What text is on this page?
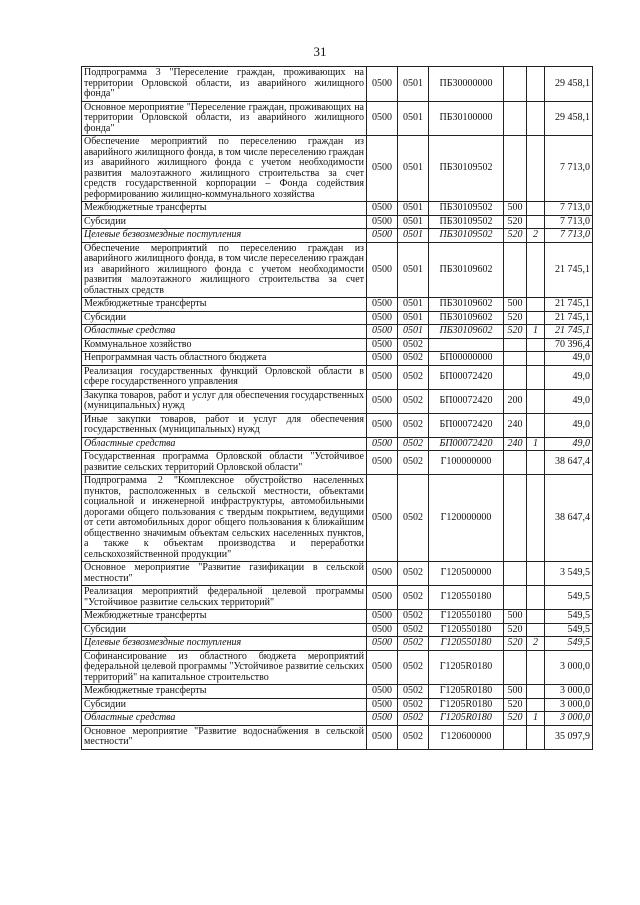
31
Подпрограмма 3 "Переселение граждан, проживающих на территории Орловской области, из аварийного жилищного фонда"	0500	0501	ПБ30000000			29 458,1
Основное мероприятие "Переселение граждан, проживающих на территории Орловской области, из аварийного жилищного фонда"	0500	0501	ПБ30100000			29 458,1
Обеспечение мероприятий по переселению граждан из аварийного жилищного фонда, в том числе переселению граждан из аварийного жилищного фонда с учетом необходимости развития малоэтажного жилищного строительства за счет средств государственной корпорации – Фонда содействия реформированию жилищно-коммунального хозяйства	0500	0501	ПБ30109502			7 713,0
Межбюджетные трансферты	0500	0501	ПБ30109502	500		7 713,0
Субсидии	0500	0501	ПБ30109502	520		7 713,0
Целевые безвозмездные поступления	0500	0501	ПБ30109502	520	2	7 713,0
Обеспечение мероприятий по переселению граждан из аварийного жилищного фонда, в том числе переселению граждан из аварийного жилищного фонда с учетом необходимости развития малоэтажного жилищного строительства за счет областных средств	0500	0501	ПБ30109602			21 745,1
Межбюджетные трансферты	0500	0501	ПБ30109602	500		21 745,1
Субсидии	0500	0501	ПБ30109602	520		21 745,1
Областные средства	0500	0501	ПБ30109602	520	1	21 745,1
Коммунальное хозяйство	0500	0502				70 396,4
Непрограммная часть областного бюджета	0500	0502	БП00000000			49,0
Реализация государственных функций Орловской области в сфере государственного управления	0500	0502	БП00072420			49,0
Закупка товаров, работ и услуг для обеспечения государственных (муниципальных) нужд	0500	0502	БП00072420	200		49,0
Иные закупки товаров, работ и услуг для обеспечения государственных (муниципальных) нужд	0500	0502	БП00072420	240		49,0
Областные средства	0500	0502	БП00072420	240	1	49,0
Государственная программа Орловской области "Устойчивое развитие сельских территорий Орловской области"	0500	0502	Г100000000			38 647,4
Подпрограмма 2 "Комплексное обустройство населенных пунктов, расположенных в сельской местности, объектами социальной и инженерной инфраструктуры, автомобильными дорогами общего пользования с твердым покрытием, ведущими от сети автомобильных дорог общего пользования к ближайшим общественно значимым объектам сельских населенных пунктов, а также к объектам производства и переработки сельскохозяйственной продукции"	0500	0502	Г120000000			38 647,4
Основное мероприятие "Развитие газификации в сельской местности"	0500	0502	Г120500000			3 549,5
Реализация мероприятий федеральной целевой программы "Устойчивое развитие сельских территорий"	0500	0502	Г120550180			549,5
Межбюджетные трансферты	0500	0502	Г120550180	500		549,5
Субсидии	0500	0502	Г120550180	520		549,5
Целевые безвозмездные поступления	0500	0502	Г120550180	520	2	549,5
Софинансирование из областного бюджета мероприятий федеральной целевой программы "Устойчивое развитие сельских территорий" на капитальное строительство	0500	0502	Г1205R0180			3 000,0
Межбюджетные трансферты	0500	0502	Г1205R0180	500		3 000,0
Субсидии	0500	0502	Г1205R0180	520		3 000,0
Областные средства	0500	0502	Г1205R0180	520	1	3 000,0
Основное мероприятие "Развитие водоснабжения в сельской местности"	0500	0502	Г120600000			35 097,9
